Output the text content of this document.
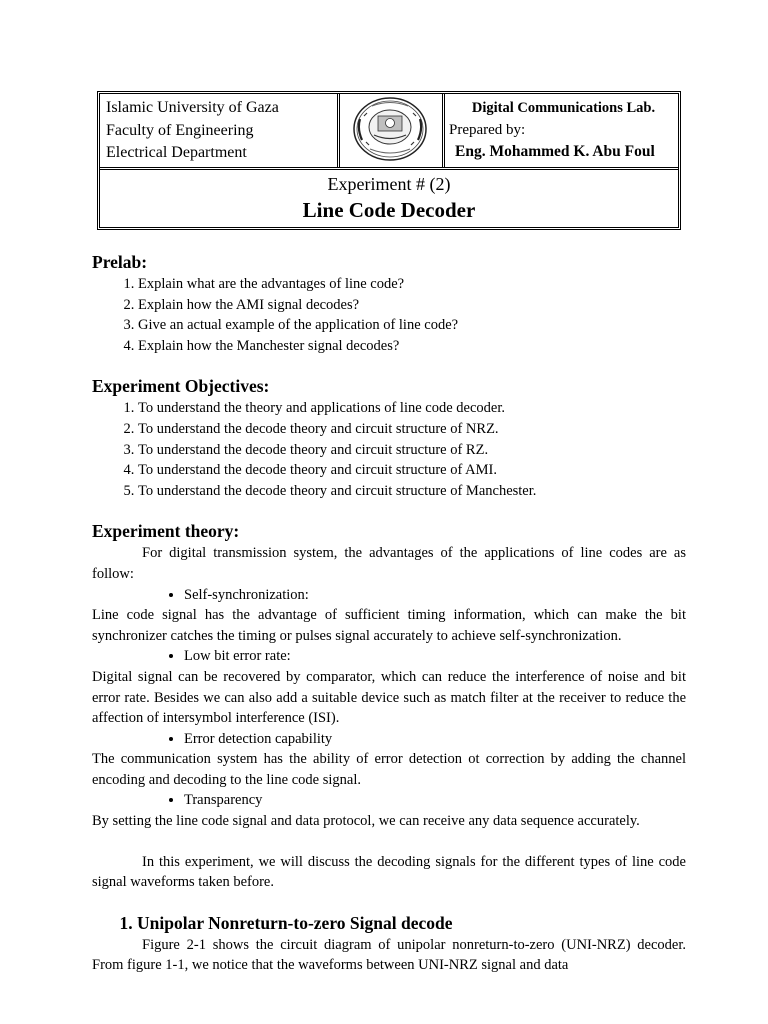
Islamic University of Gaza
Faculty of Engineering
Electrical Department
Digital Communications Lab.
Prepared by:
Eng. Mohammed K. Abu Foul
Experiment # (2)
Line Code Decoder
Prelab:
1. Explain what are the advantages of line code?
2. Explain how the AMI signal decodes?
3. Give an actual example of the application of line code?
4. Explain how the Manchester signal decodes?
Experiment Objectives:
1. To understand the theory and applications of line code decoder.
2. To understand the decode theory and circuit structure of NRZ.
3. To understand the decode theory and circuit structure of RZ.
4. To understand the decode theory and circuit structure of AMI.
5. To understand the decode theory and circuit structure of Manchester.
Experiment theory:

For digital transmission system, the advantages of the applications of line codes are as follow:

• Self-synchronization:

Line code signal has the advantage of sufficient timing information, which can make the bit synchronizer catches the timing or pulses signal accurately to achieve self-synchronization.

• Low bit error rate:

Digital signal can be recovered by comparator, which can reduce the interference of noise and bit error rate. Besides we can also add a suitable device such as match filter at the receiver to reduce the affection of intersymbol interference (ISI).

• Error detection capability

The communication system has the ability of error detection ot correction by adding the channel encoding and decoding to the line code signal.

• Transparency

By setting the line code signal and data protocol, we can receive any data sequence accurately.

In this experiment, we will discuss the decoding signals for the different types of line code signal waveforms taken before.

1. Unipolar Nonreturn-to-zero Signal decode

Figure 2-1 shows the circuit diagram of unipolar nonreturn-to-zero (UNI-NRZ) decoder. From figure 1-1, we notice that the waveforms between UNI-NRZ signal and data
